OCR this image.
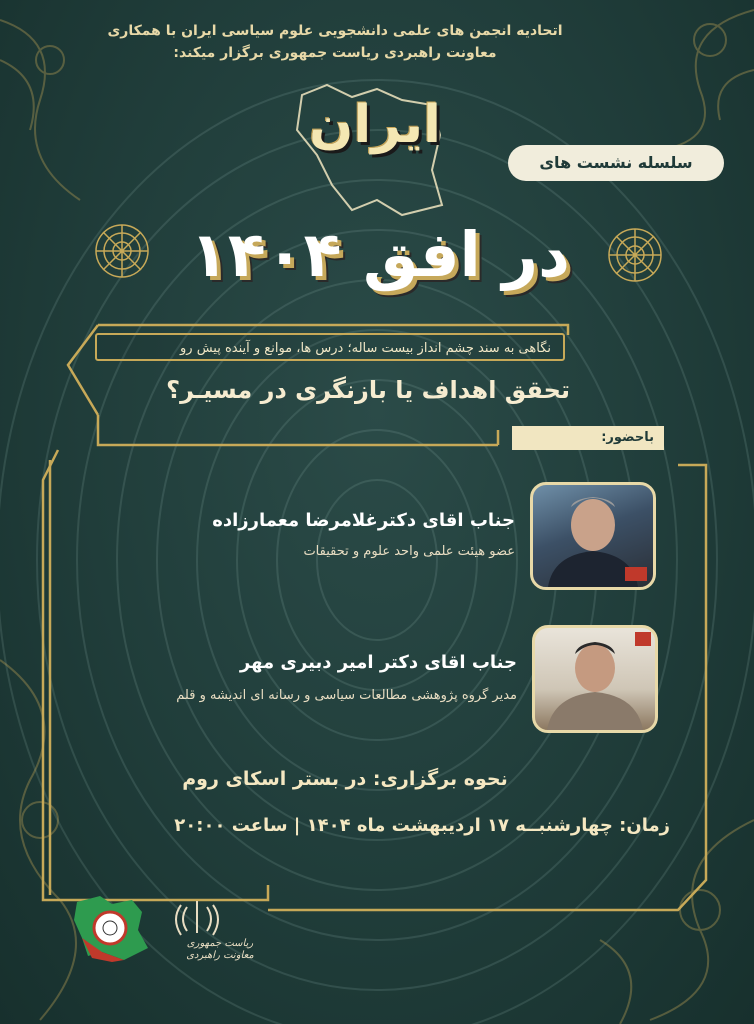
اتحادیه انجمن های علمی دانشجویی علوم سیاسی ایران با همکاری
معاونت راهبردی ریاست جمهوری برگزار میکند:
ایران
سلسله نشست های
در افق ۱۴۰۴
نگاهی به سند چشم انداز بیست ساله؛ درس ها، موانع و آینده پیش رو
تحقق اهداف یا بازنگری در مسیـر؟
باحضور:
جناب اقای دکترغلامرضا معمارزاده
عضو هیئت علمی واحد علوم و تحقیقات
جناب اقای دکتر امیر دبیری مهر
مدیر گروه پژوهشی مطالعات سیاسی و رسانه ای اندیشه و قلم
نحوه برگزاری: در بستر اسکای روم
زمان: چهارشنبــه ۱۷ اردیبهشت ماه ۱۴۰۴ | ساعت ۲۰:۰۰
ریاست جمهوری
معاونت راهبردی
